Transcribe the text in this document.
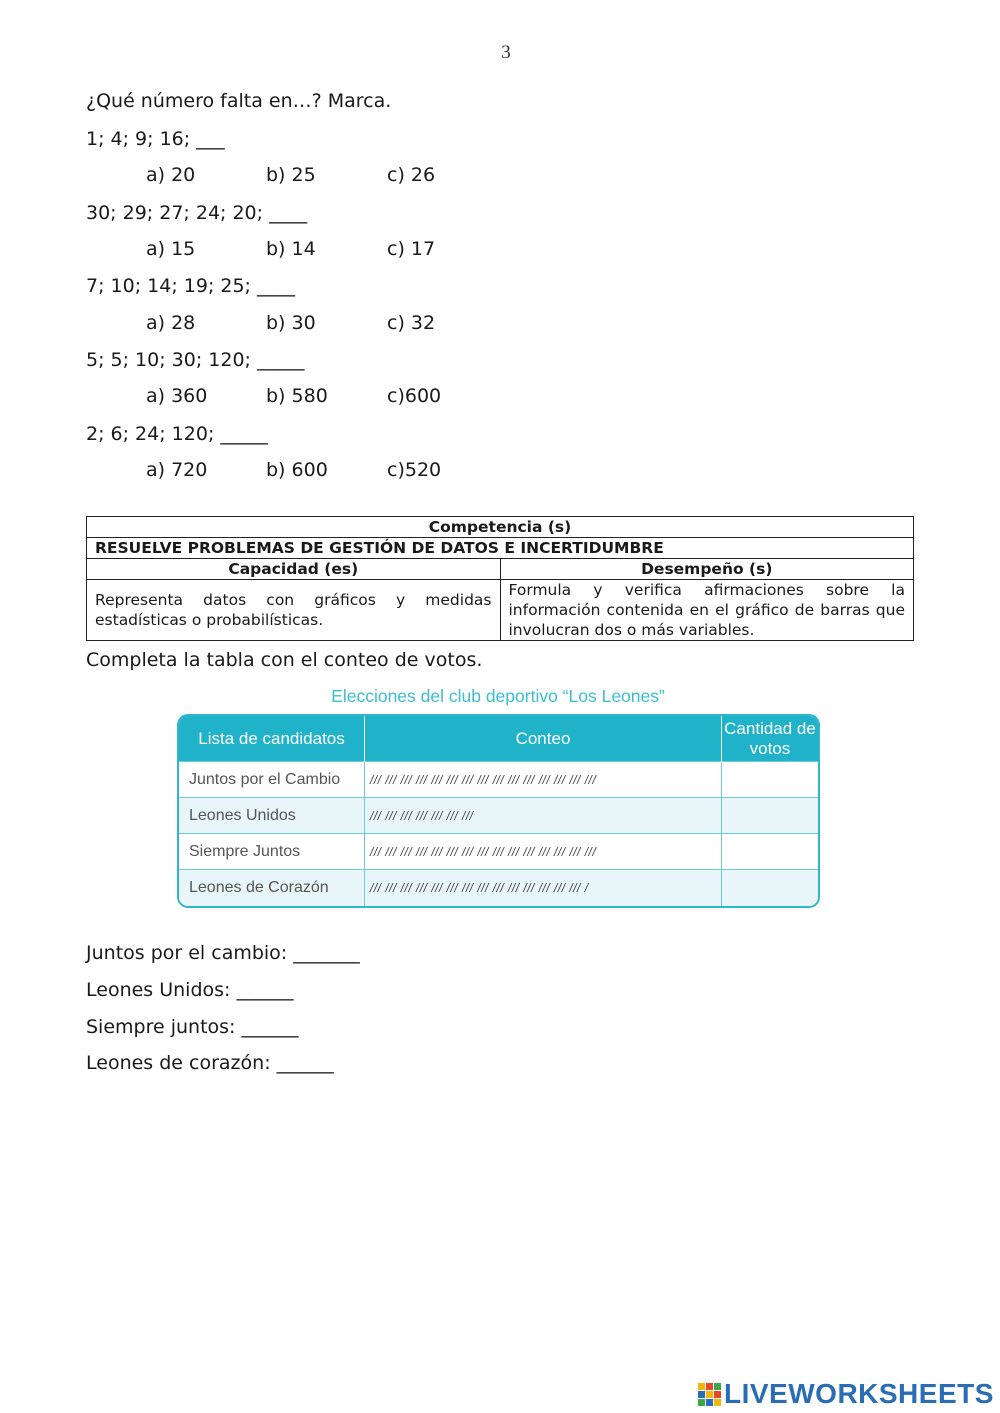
3
¿Qué número falta en…? Marca.
1; 4; 9; 16; ___
a) 20	b) 25	c) 26
30; 29; 27; 24; 20; ____
a) 15	b) 14	c) 17
7; 10; 14; 19; 25; ____
a) 28	b) 30	c) 32
5; 5; 10; 30; 120; _____
a) 360	b) 580	c)600
2; 6; 24; 120; _____
a) 720	b) 600	c)520
Competencia (s)	
RESUELVE PROBLEMAS DE GESTIÓN DE DATOS E INCERTIDUMBRE	
Capacidad (es)	Desempeño (s)
Representa datos con gráficos y medidas estadísticas o probabilísticas.	Formula y verifica afirmaciones sobre la información contenida en el gráfico de barras que involucran dos o más variables.
Completa la tabla con el conteo de votos.
Elecciones del club deportivo “Los Leones”
Lista de candidatos	Conteo	Cantidad de votos
Juntos por el Cambio	/// /// /// /// /// /// /// /// /// /// /// /// /// /// ///	
Leones Unidos	/// /// /// /// /// /// ///	
Siempre Juntos	/// /// /// /// /// /// /// /// /// /// /// /// /// /// ///	
Leones de Corazón	/// /// /// /// /// /// /// /// /// /// /// /// /// /// /	
Juntos por el cambio: _______
Leones Unidos: ______
Siempre juntos: ______
Leones de corazón: ______
LIVEWORKSHEETS
